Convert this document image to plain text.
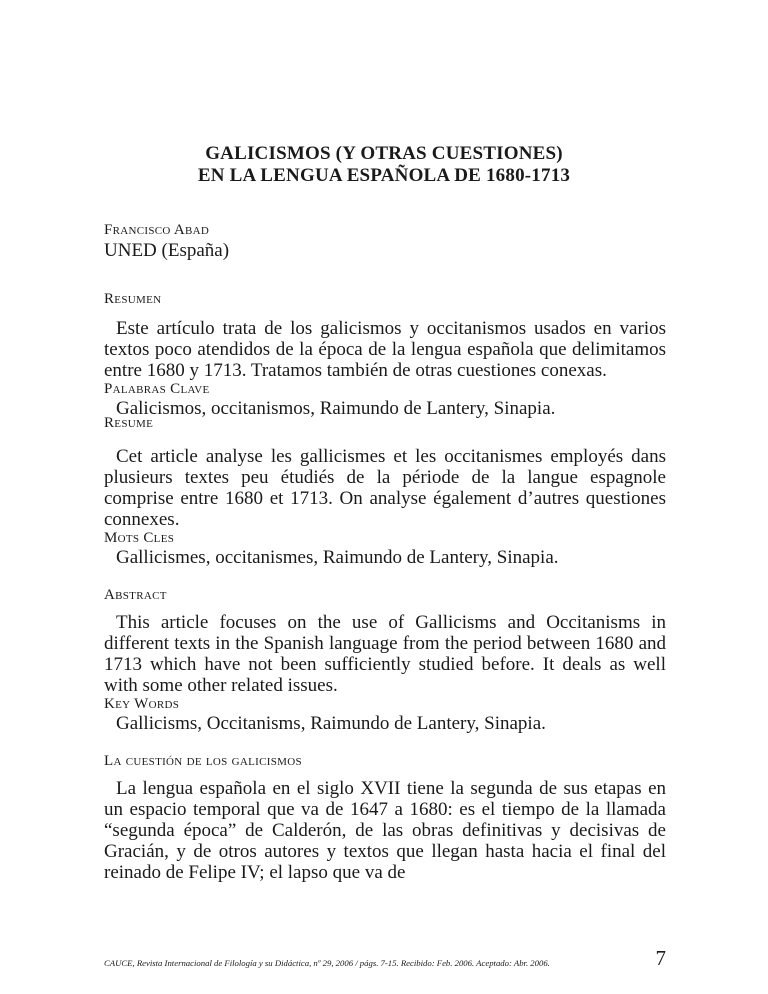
GALICISMOS (Y OTRAS CUESTIONES)
EN LA LENGUA ESPAÑOLA DE 1680-1713
Francisco Abad
UNED (España)
Resumen

Este artículo trata de los galicismos y occitanismos usados en varios textos poco atendidos de la época de la lengua española que delimitamos entre 1680 y 1713. Tratamos también de otras cuestiones conexas.

Palabras Clave
Galicismos, occitanismos, Raimundo de Lantery, Sinapia.
Resume

Cet article analyse les gallicismes et les occitanismes employés dans plusieurs textes peu étudiés de la période de la langue espagnole comprise entre 1680 et 1713. On analyse également d’autres questiones connexes.

Mots Cles
Gallicismes, occitanismes, Raimundo de Lantery, Sinapia.
Abstract

This article focuses on the use of Gallicisms and Occitanisms in different texts in the Spanish language from the period between 1680 and 1713 which have not been sufficiently studied before. It deals as well with some other related issues.

Key Words
Gallicisms, Occitanisms, Raimundo de Lantery, Sinapia.
La cuestión de los galicismos

La lengua española en el siglo XVII tiene la segunda de sus etapas en un espacio temporal que va de 1647 a 1680: es el tiempo de la llamada “segunda época” de Calderón, de las obras definitivas y decisivas de Gracián, y de otros autores y textos que llegan hasta hacia el final del reinado de Felipe IV; el lapso que va de

CAUCE, Revista Internacional de Filología y su Didáctica, nº 29, 2006 / págs. 7-15. Recibido: Feb. 2006. Aceptado: Abr. 2006.	7
